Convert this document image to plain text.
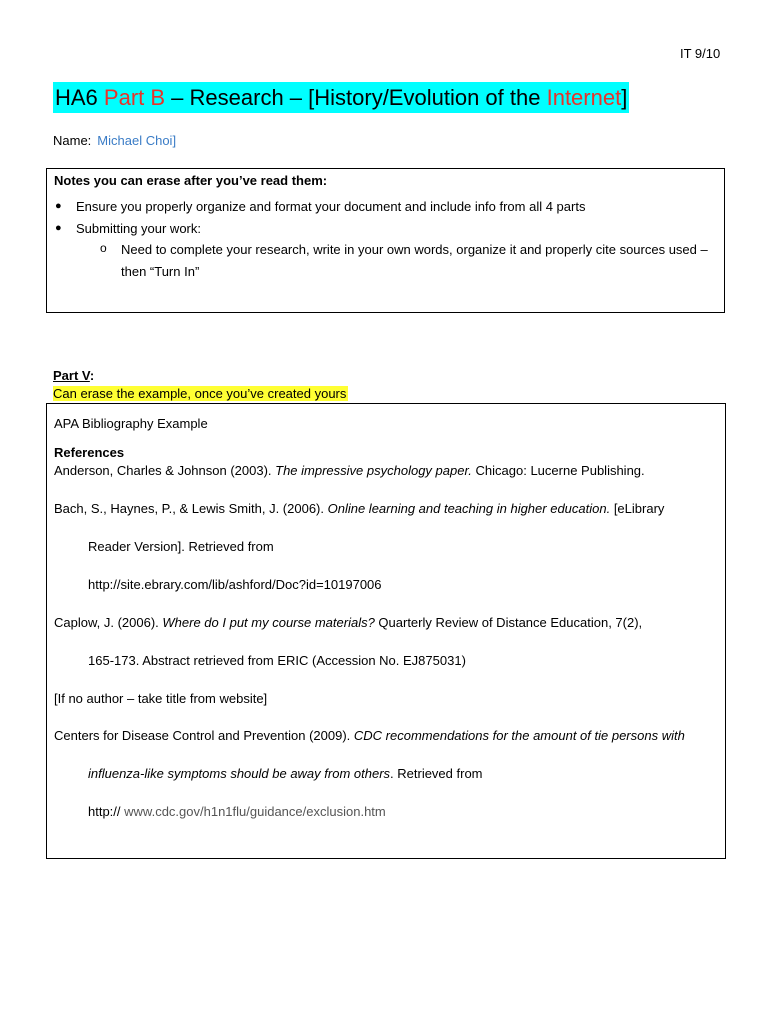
IT 9/10
HA6 Part B – Research – [History/Evolution of the Internet]
Name: Michael Choi]
Notes you can erase after you’ve read them:
● Ensure you properly organize and format your document and include info from all 4 parts
● Submitting your work:
o Need to complete your research, write in your own words, organize it and properly cite sources used – then “Turn In”
Part V:
Can erase the example, once you’ve created yours
APA Bibliography Example
References
Anderson, Charles & Johnson (2003). The impressive psychology paper. Chicago: Lucerne Publishing.
Bach, S., Haynes, P., & Lewis Smith, J. (2006). Online learning and teaching in higher education. [eLibrary
Reader Version]. Retrieved from
http://site.ebrary.com/lib/ashford/Doc?id=10197006
Caplow, J. (2006). Where do I put my course materials? Quarterly Review of Distance Education, 7(2),
165-173. Abstract retrieved from ERIC (Accession No. EJ875031)
[If no author – take title from website]
Centers for Disease Control and Prevention (2009). CDC recommendations for the amount of tie persons with
influenza-like symptoms should be away from others. Retrieved from
http:// www.cdc.gov/h1n1flu/guidance/exclusion.htm
